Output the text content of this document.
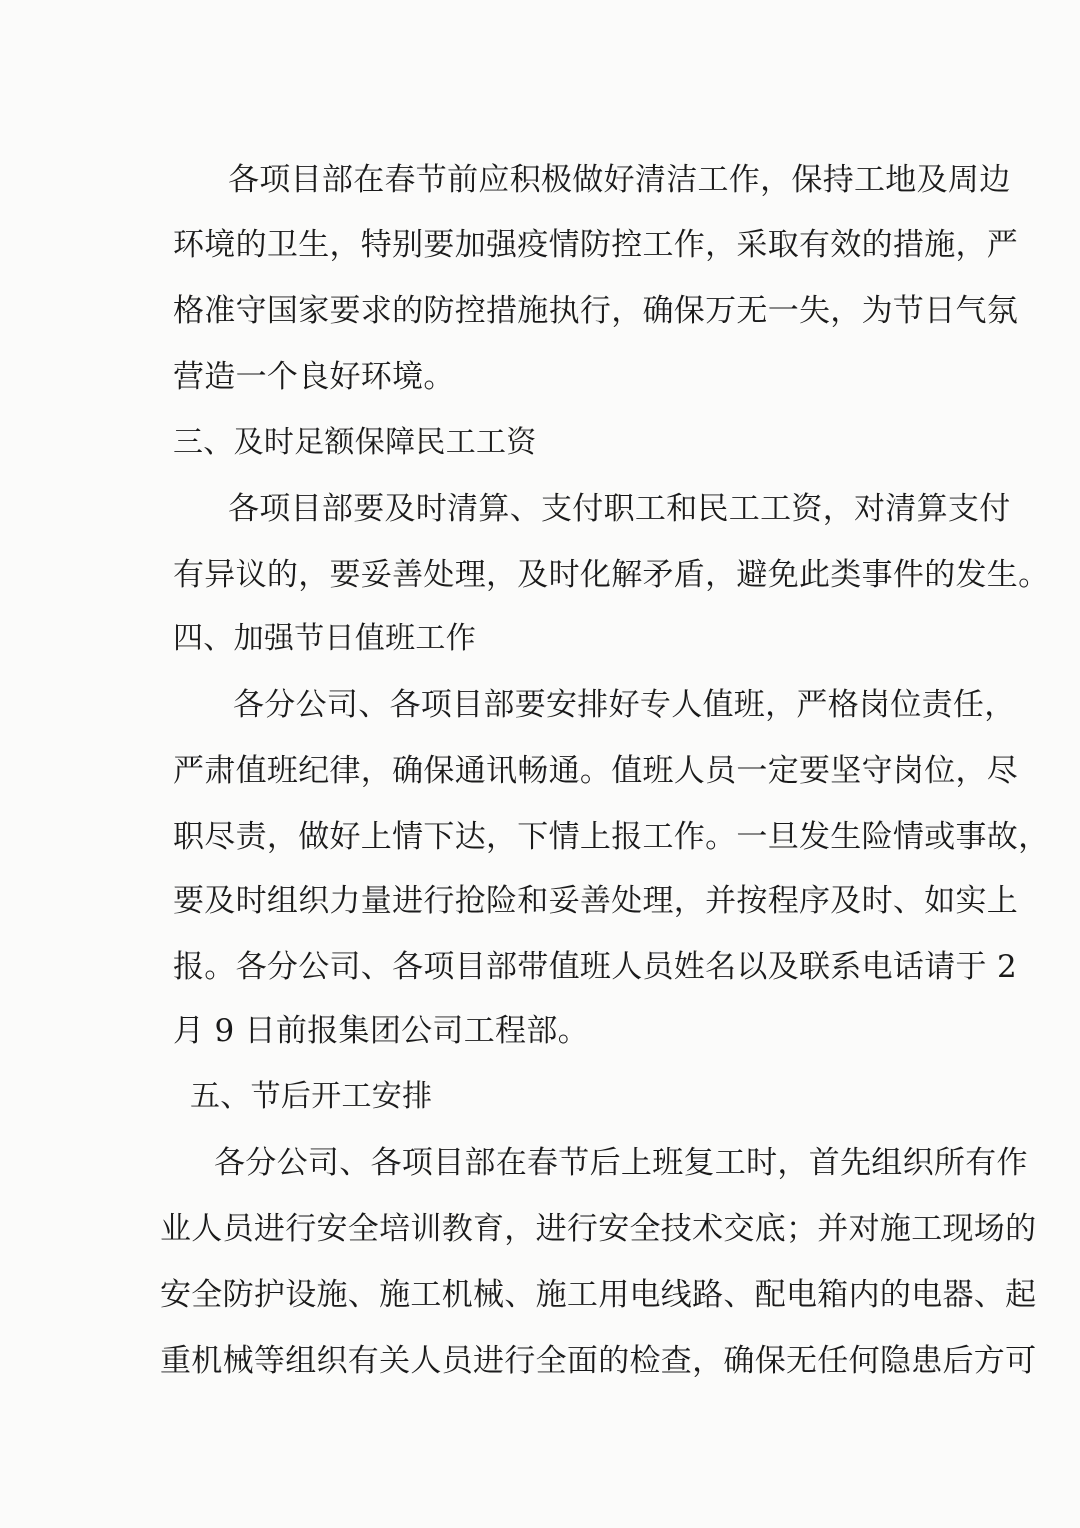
各项目部在春节前应积极做好清洁工作，保持工地及周边
环境的卫生，特别要加强疫情防控工作，采取有效的措施，严
格准守国家要求的防控措施执行，确保万无一失，为节日气氛
营造一个良好环境。
三、及时足额保障民工工资
各项目部要及时清算、支付职工和民工工资，对清算支付
有异议的，要妥善处理，及时化解矛盾，避免此类事件的发生。
四、加强节日值班工作
各分公司、各项目部要安排好专人值班，严格岗位责任，
严肃值班纪律，确保通讯畅通。值班人员一定要坚守岗位，尽
职尽责，做好上情下达，下情上报工作。一旦发生险情或事故，
要及时组织力量进行抢险和妥善处理，并按程序及时、如实上
报。各分公司、各项目部带值班人员姓名以及联系电话请于 2
月 9 日前报集团公司工程部。
五、节后开工安排
各分公司、各项目部在春节后上班复工时，首先组织所有作
业人员进行安全培训教育，进行安全技术交底；并对施工现场的
安全防护设施、施工机械、施工用电线路、配电箱内的电器、起
重机械等组织有关人员进行全面的检查，确保无任何隐患后方可
